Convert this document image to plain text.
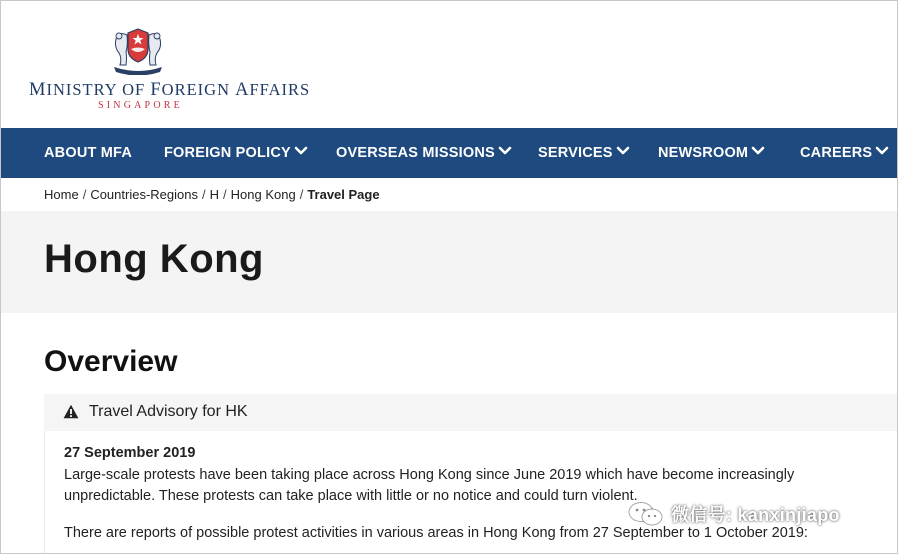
MINISTRY OF FOREIGN AFFAIRS
SINGAPORE
ABOUT MFA FOREIGN POLICY	OVERSEAS MISSIONS	SERVICES	NEWSROOM	CAREERS
Home / Countries-Regions / H / Hong Kong / Travel Page
Hong Kong
Overview
Travel Advisory for HK
27 September 2019
Large-scale protests have been taking place across Hong Kong since June 2019 which have become increasingly unpredictable. These protests can take place with little or no notice and could turn violent.
There are reports of possible protest activities in various areas in Hong Kong from 27 September to 1 October 2019:
微信号: kanxinjiapo
